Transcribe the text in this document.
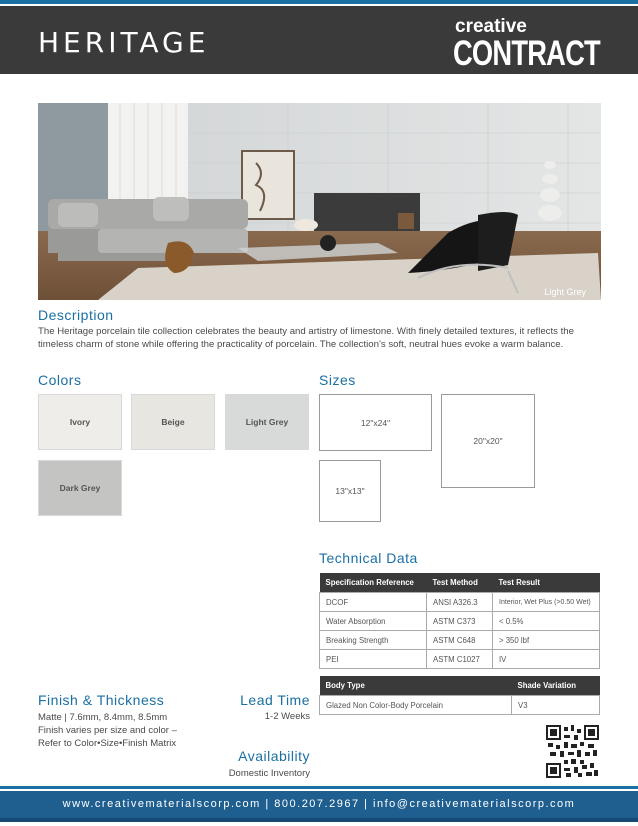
HERITAGE	creative
CONTRACT
Light Grey
Description
The Heritage porcelain tile collection celebrates the beauty and artistry of limestone. With finely detailed textures, it reflects the timeless charm of stone while offering the practicality of porcelain. The collection’s soft, neutral hues evoke a warm balance.
Colors
Ivory	Beige	Light Grey
Dark Grey
Sizes
12"x24"
20"x20"
13"x13"
Technical Data
Specification Reference	Test Method	Test Result
DCOF	ANSI A326.3	Interior, Wet Plus (>0.50 Wet)
Water Absorption	ASTM C373	< 0.5%
Breaking Strength	ASTM C648	> 350 lbf
PEI	ASTM C1027	IV
Body Type	Shade Variation
Glazed Non Color-Body Porcelain	V3
Finish & Thickness
Matte | 7.6mm, 8.4mm, 8.5mm
Finish varies per size and color –
Refer to Color•Size•Finish Matrix
Lead Time
1-2 Weeks
Availability
Domestic Inventory
www.creativematerialscorp.com | 800.207.2967 | info@creativematerialscorp.com
